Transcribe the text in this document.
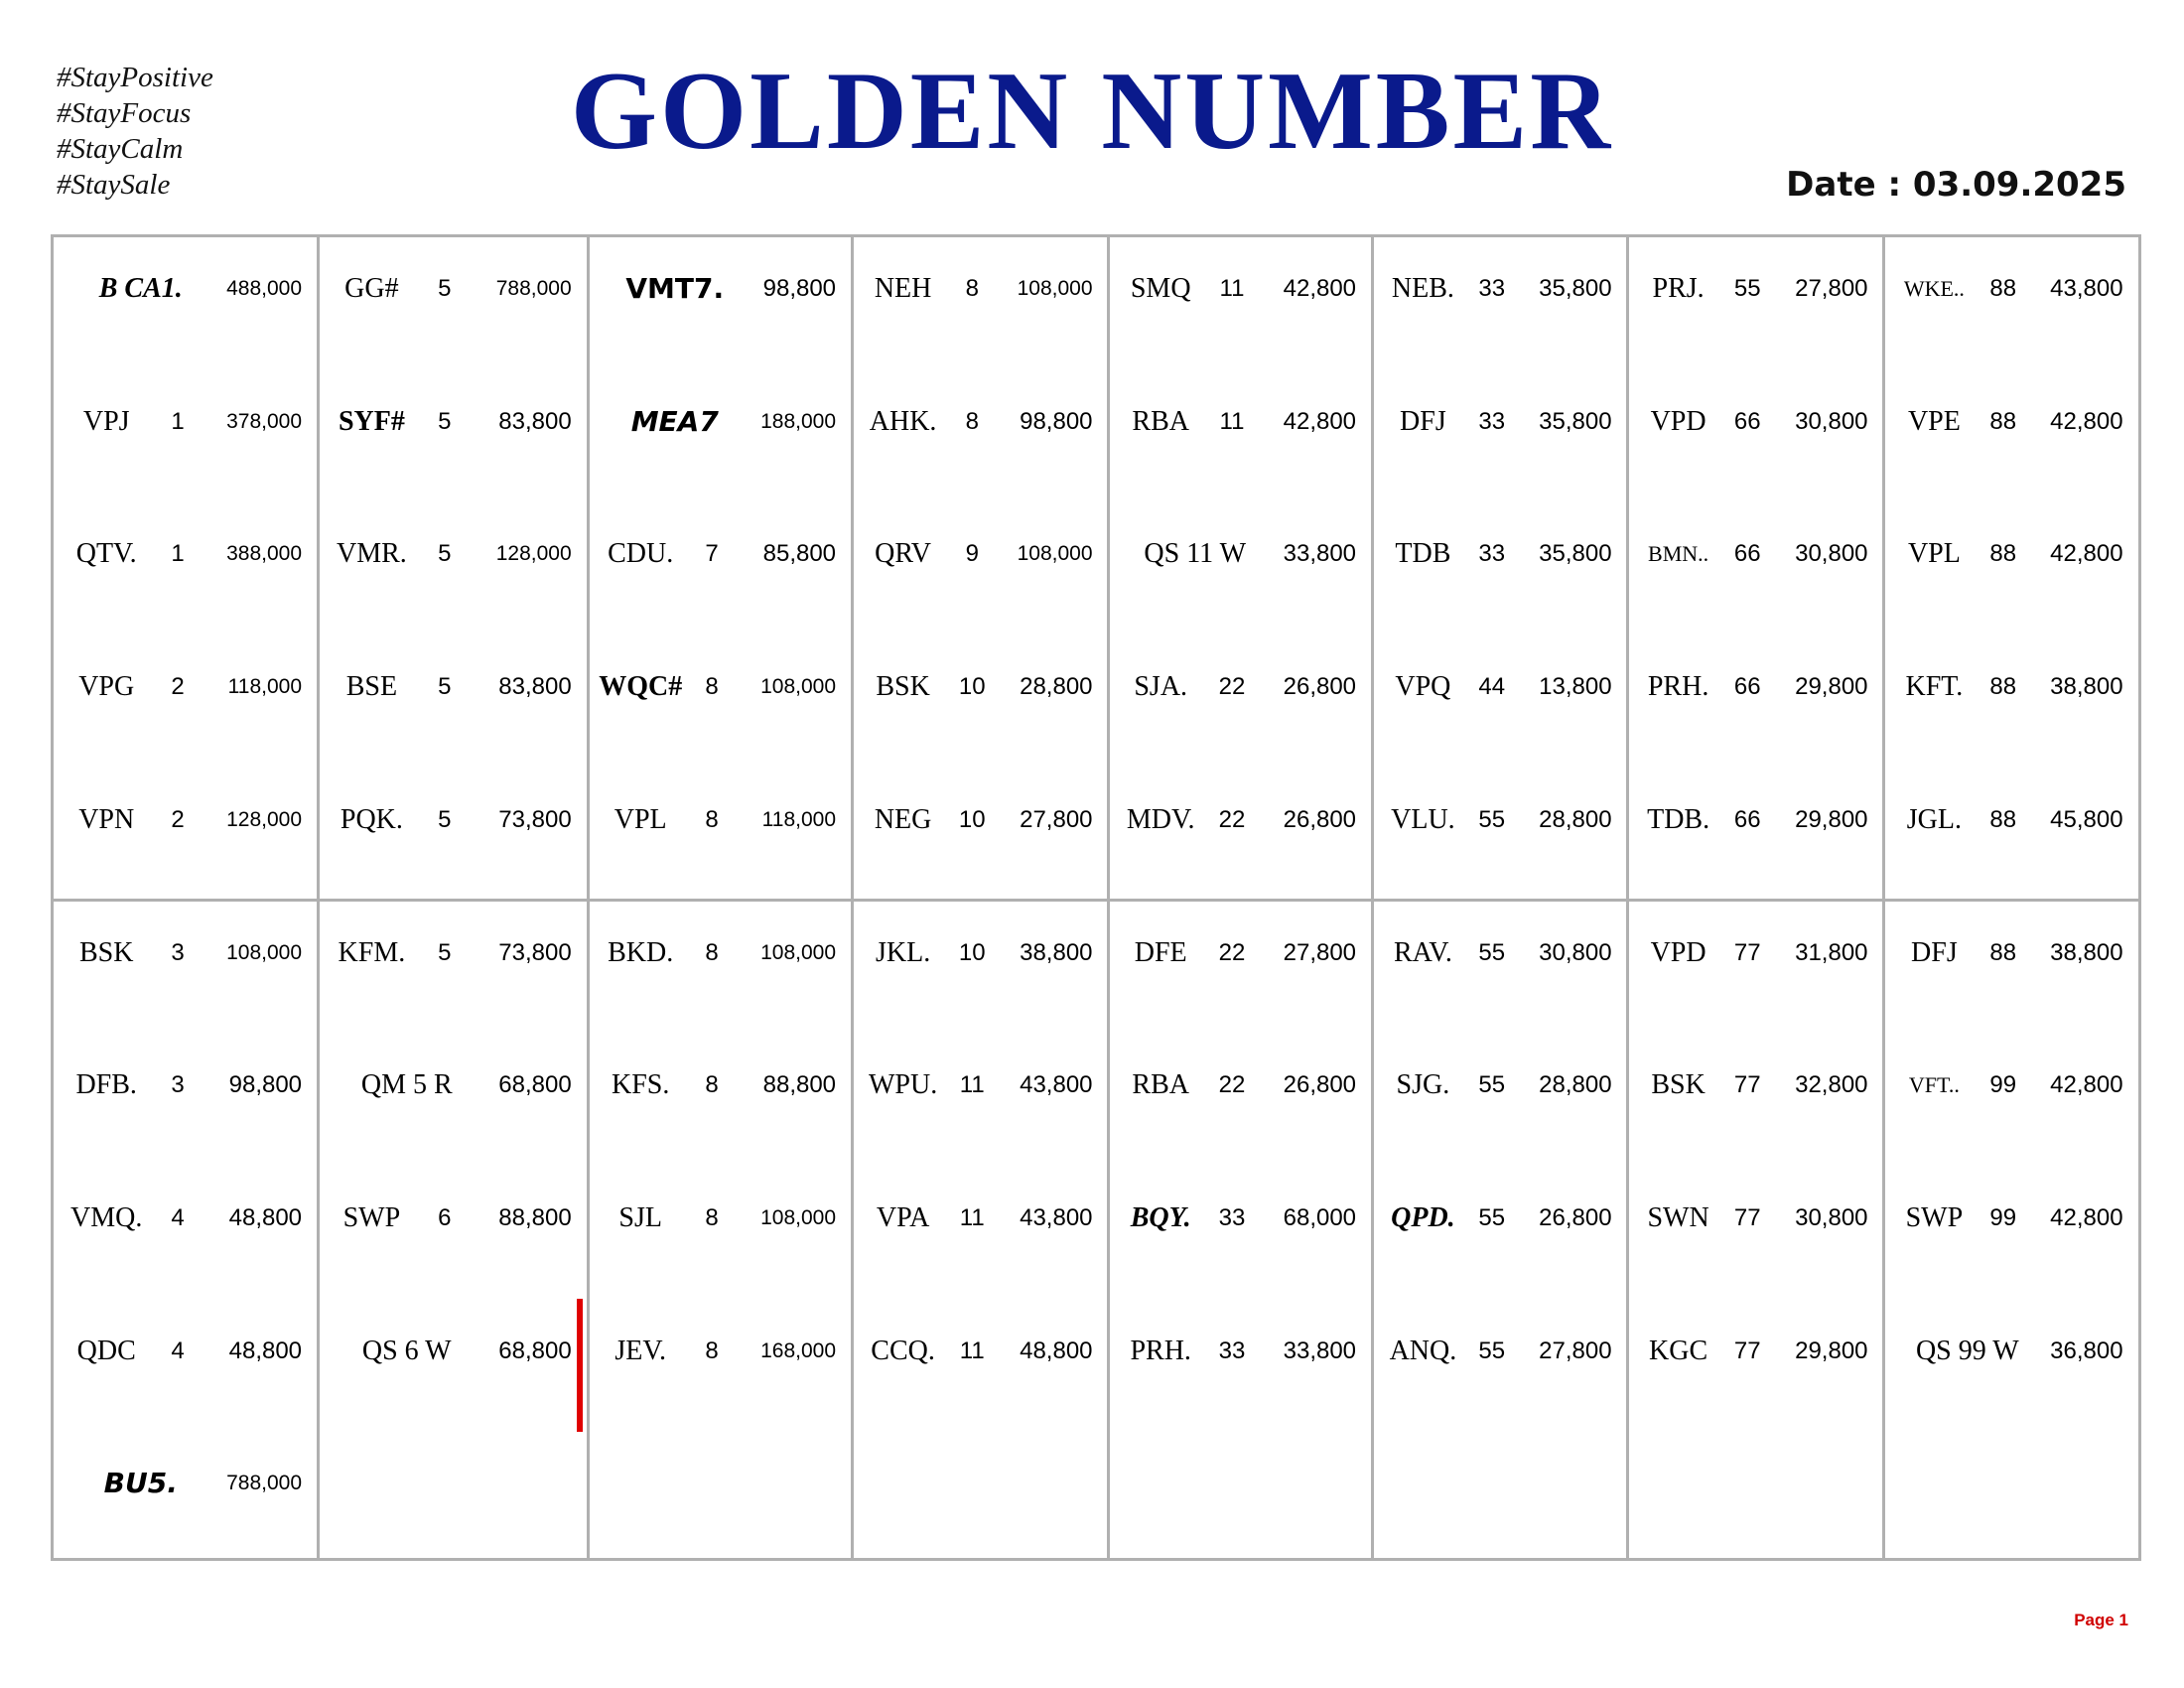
#StayPositive
#StayFocus
#StayCalm
#StaySale
GOLDEN NUMBER
Date : 03.09.2025
B CA1.	488,000
VPJ	1	378,000
QTV.	1	388,000
VPG	2	118,000
VPN	2	128,000
BSK	3	108,000
DFB.	3	98,800
VMQ.	4	48,800
QDC	4	48,800
BU5.	788,000
GG#	5	788,000
SYF#	5	83,800
VMR.	5	128,000
BSE	5	83,800
PQK.	5	73,800
KFM.	5	73,800
QM 5 R	68,800
SWP	6	88,800
QS 6 W	68,800
VMT7.	98,800
MEA7	188,000
CDU.	7	85,800
WQC# 8	108,000
VPL	8	118,000
BKD.	8	108,000
KFS.	8	88,800
SJL	8	108,000
JEV.	8	168,000
NEH	8	108,000
AHK.	8	98,800
QRV	9	108,000
BSK	10	28,800
NEG	10	27,800
JKL.	10	38,800
WPU. 11	43,800
VPA	11	43,800
CCQ.	11	48,800
SMQ	11	42,800
RBA	11	42,800
QS 11 W	33,800
SJA.	22	26,800
MDV.	22	26,800
DFE	22	27,800
RBA	22	26,800
BQY.	33	68,000
PRH.	33	33,800
NEB.	33	35,800
DFJ	33	35,800
TDB	33	35,800
VPQ	44	13,800
VLU. 55	28,800
RAV.	55	30,800
SJG.	55	28,800
QPD. 55	26,800
ANQ. 55	27,800
PRJ.	55	27,800
VPD	66	30,800
BMN..	66	30,800
PRH.	66	29,800
TDB.	66	29,800
VPD	77	31,800
BSK	77	32,800
SWN	77	30,800
KGC	77	29,800
WKE..	88	43,800
VPE	88	42,800
VPL	88	42,800
KFT.	88	38,800
JGL.	88	45,800
DFJ	88	38,800
VFT..	99	42,800
SWP	99	42,800
QS 99 W	36,800
Page 1
